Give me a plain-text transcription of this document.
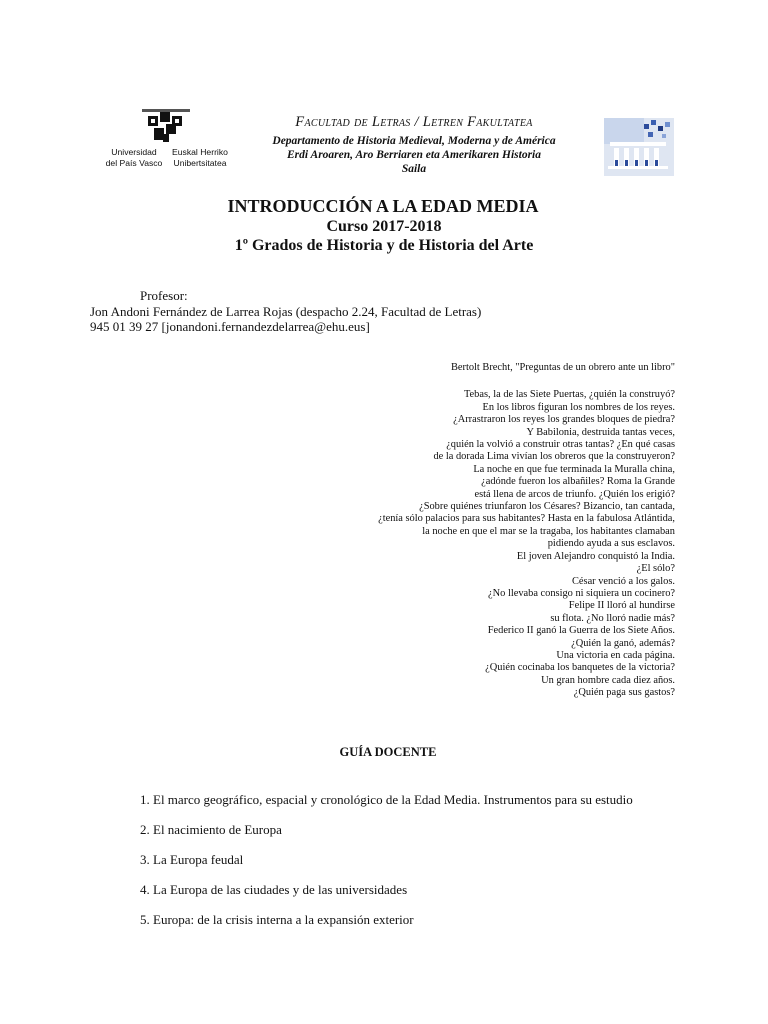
Universidad
del País Vasco
Euskal Herriko
Unibertsitatea
Facultad de Letras / Letren Fakultatea
Departamento de Historia Medieval, Moderna y de América
Erdi Aroaren, Aro Berriaren eta Amerikaren Historia
Saila
INTRODUCCIÓN A LA EDAD MEDIA
Curso 2017-2018
1º Grados de Historia y de Historia del Arte
Profesor:
Jon Andoni Fernández de Larrea Rojas (despacho 2.24, Facultad de Letras)
945 01 39 27 [jonandoni.fernandezdelarrea@ehu.eus]
Bertolt Brecht, "Preguntas de un obrero ante un libro"
Tebas, la de las Siete Puertas, ¿quién la construyó?
En los libros figuran los nombres de los reyes.
¿Arrastraron los reyes los grandes bloques de piedra?
Y Babilonia, destruida tantas veces,
¿quién la volvió a construir otras tantas? ¿En qué casas
de la dorada Lima vivían los obreros que la construyeron?
La noche en que fue terminada la Muralla china,
¿adónde fueron los albañiles? Roma la Grande
está llena de arcos de triunfo. ¿Quién los erigió?
¿Sobre quiénes triunfaron los Césares? Bizancio, tan cantada,
¿tenía sólo palacios para sus habitantes? Hasta en la fabulosa Atlántida,
la noche en que el mar se la tragaba, los habitantes clamaban
pidiendo ayuda a sus esclavos.
El joven Alejandro conquistó la India.
¿El sólo?
César venció a los galos.
¿No llevaba consigo ni siquiera un cocinero?
Felipe II lloró al hundirse
su flota. ¿No lloró nadie más?
Federico II ganó la Guerra de los Siete Años.
¿Quién la ganó, además?
Una victoria en cada página.
¿Quién cocinaba los banquetes de la victoria?
Un gran hombre cada diez años.
¿Quién paga sus gastos?
GUÍA DOCENTE
1. El marco geográfico, espacial y cronológico de la Edad Media. Instrumentos para su estudio
2. El nacimiento de Europa
3. La Europa feudal
4. La Europa de las ciudades y de las universidades
5. Europa: de la crisis interna a la expansión exterior
